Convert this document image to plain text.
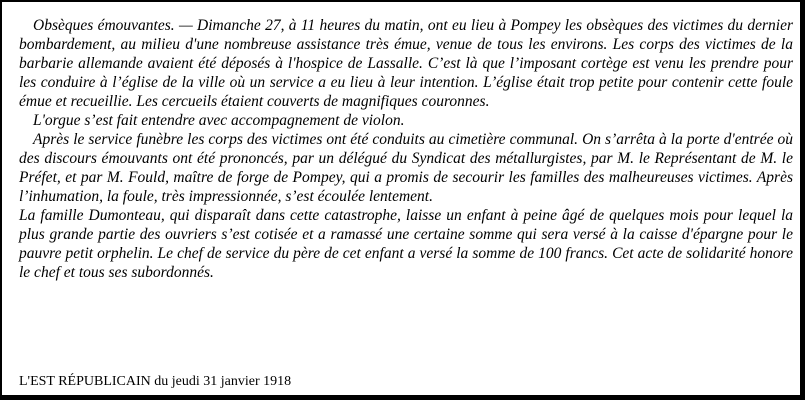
Obsèques émouvantes. — Dimanche 27, à 11 heures du matin, ont eu lieu à Pompey les obsèques des victimes du dernier bombardement, au milieu d'une nombreuse assistance très émue, venue de tous les environs. Les corps des victimes de la barbarie allemande avaient été déposés à l'hospice de Lassalle. C’est là que l’imposant cortège est venu les prendre pour les conduire à l’église de la ville où un service a eu lieu à leur intention. L’église était trop petite pour contenir cette foule émue et recueillie. Les cercueils étaient couverts de magnifiques couronnes.

L'orgue s’est fait entendre avec accompagnement de violon.

Après le service funèbre les corps des victimes ont été conduits au cimetière communal. On s’arrêta à la porte d'entrée où des discours émouvants ont été prononcés, par un délégué du Syndicat des métallurgistes, par M. le Représentant de M. le Préfet, et par M. Fould, maître de forge de Pompey, qui a promis de secourir les familles des malheureuses victimes. Après l’inhumation, la foule, très impressionnée, s’est écoulée lentement.

La famille Dumonteau, qui disparaît dans cette catastrophe, laisse un enfant à peine âgé de quelques mois pour lequel la plus grande partie des ouvriers s’est cotisée et a ramassé une certaine somme qui sera versé à la caisse d'épargne pour le pauvre petit orphelin. Le chef de service du père de cet enfant a versé la somme de 100 francs. Cet acte de solidarité honore le chef et tous ses subordonnés.

L'EST RÉPUBLICAIN du jeudi 31 janvier 1918
